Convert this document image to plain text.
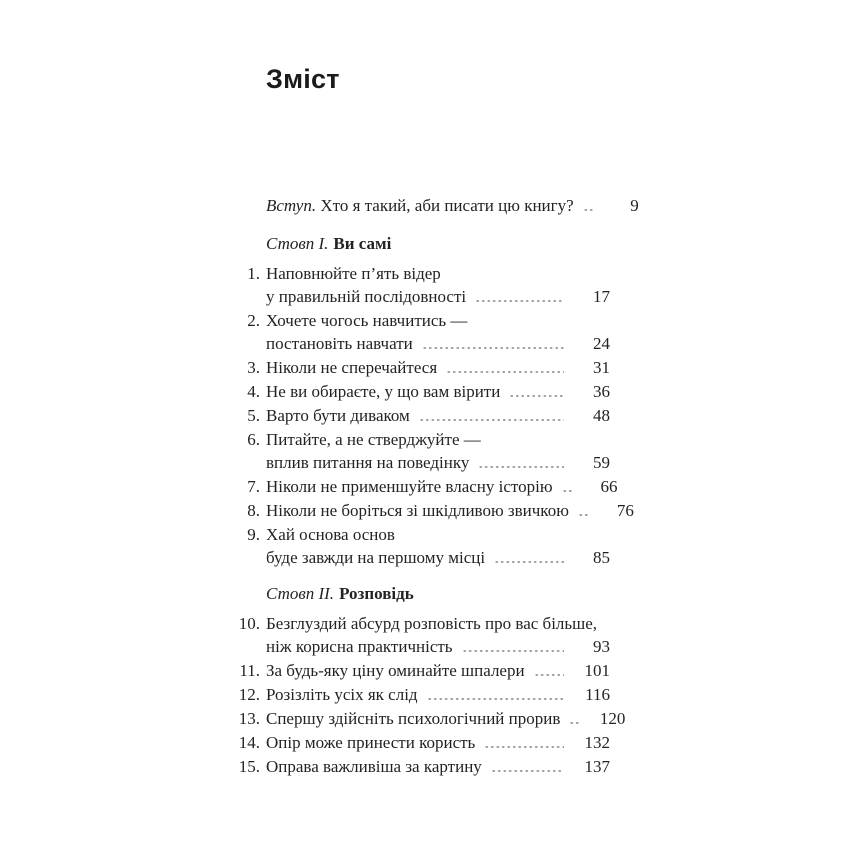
Зміст
Вступ. Хто я такий, аби писати цю книгу?	9
Стовп I. Ви самі
1. Наповнюйте п’ять відер
у правильній послідовності	17
2. Хочете чогось навчитись —
постановіть навчати	24
3. Ніколи не сперечайтеся	31
4. Не ви обираєте, у що вам вірити	36
5. Варто бути диваком	48
6. Питайте, а не стверджуйте —
вплив питання на поведінку	59
7. Ніколи не применшуйте власну історію	66
8. Ніколи не боріться зі шкідливою звичкою	76
9. Хай основа основ
буде завжди на першому місці	85
Стовп II. Розповідь
10. Безглуздий абсурд розповість про вас більше,
ніж корисна практичність	93
11. За будь-яку ціну оминайте шпалери	101
12. Розізліть усіх як слід	116
13. Спершу здійсніть психологічний прорив	120
14. Опір може принести користь	132
15. Оправа важливіша за картину	137
